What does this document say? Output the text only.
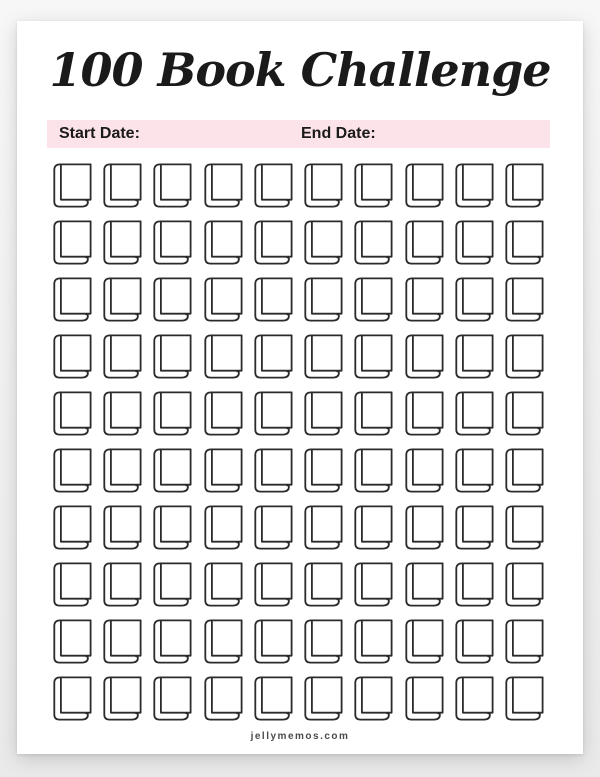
100 Book Challenge
Start Date:	End Date:
jellymemos.com
